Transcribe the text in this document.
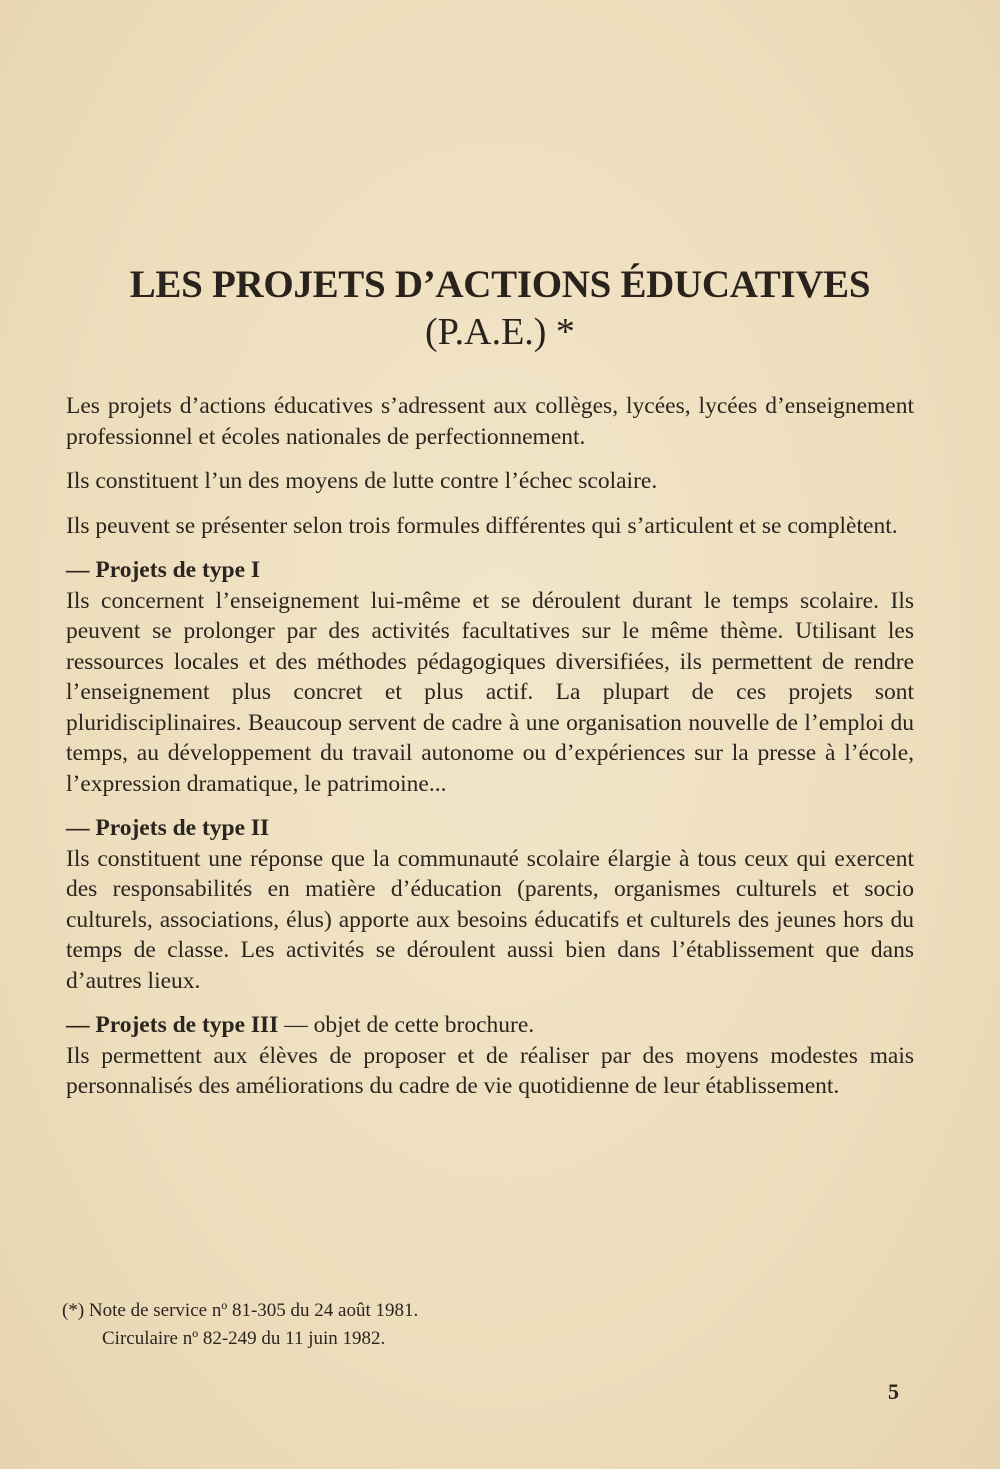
LES PROJETS D’ACTIONS ÉDUCATIVES
(P.A.E.) *

Les projets d’actions éducatives s’adressent aux collèges, lycées, lycées d’enseignement professionnel et écoles nationales de perfectionnement.

Ils constituent l’un des moyens de lutte contre l’échec scolaire.

Ils peuvent se présenter selon trois formules différentes qui s’articulent et se complètent.

— Projets de type I

Ils concernent l’enseignement lui-même et se déroulent durant le temps scolaire. Ils peuvent se prolonger par des activités facultatives sur le même thème. Utilisant les ressources locales et des méthodes pédagogiques diversifiées, ils permettent de rendre l’enseignement plus concret et plus actif. La plupart de ces projets sont pluridisciplinaires. Beaucoup servent de cadre à une organisation nouvelle de l’emploi du temps, au développement du travail autonome ou d’expériences sur la presse à l’école, l’expression dramatique, le patrimoine...

— Projets de type II

Ils constituent une réponse que la communauté scolaire élargie à tous ceux qui exercent des responsabilités en matière d’éducation (parents, organismes culturels et socio culturels, associations, élus) apporte aux besoins éducatifs et culturels des jeunes hors du temps de classe. Les activités se déroulent aussi bien dans l’établissement que dans d’autres lieux.

— Projets de type III — objet de cette brochure.

Ils permettent aux élèves de proposer et de réaliser par des moyens modestes mais personnalisés des améliorations du cadre de vie quotidienne de leur établissement.

(*) Note de service nº 81-305 du 24 août 1981.
Circulaire nº 82-249 du 11 juin 1982.
5
